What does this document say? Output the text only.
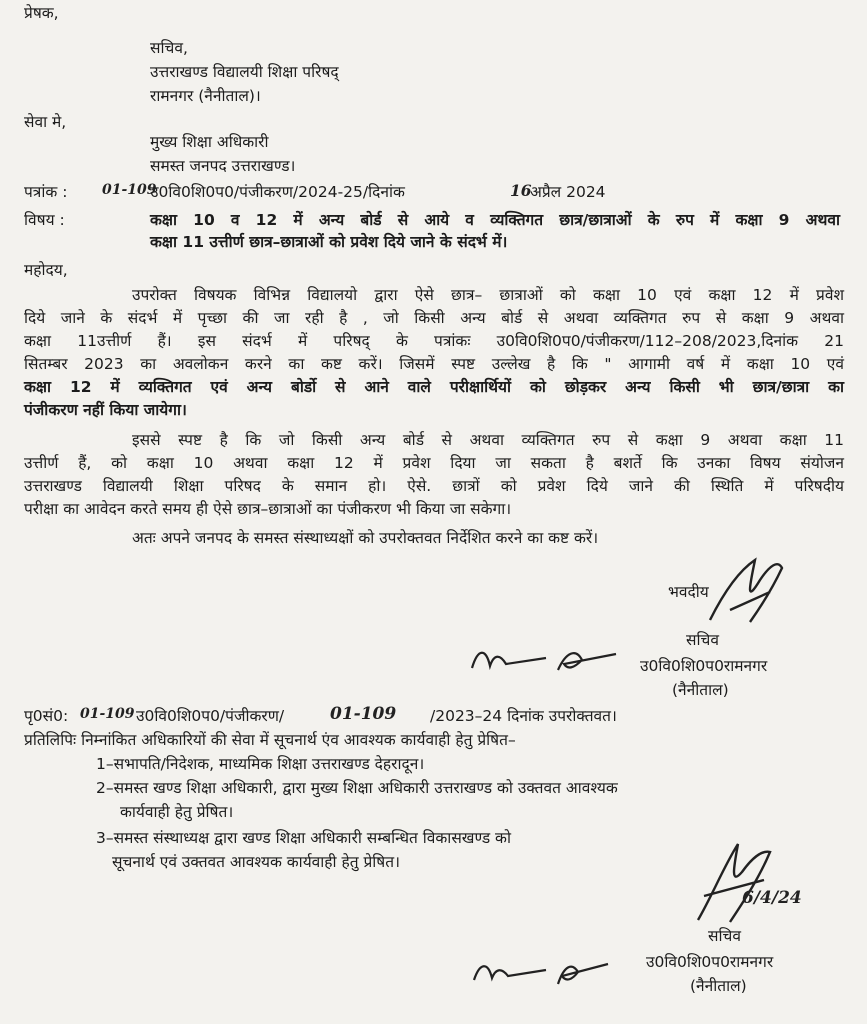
प्रेषक,
सचिव,
उत्तराखण्ड विद्यालयी शिक्षा परिषद्
रामनगर (नैनीताल)।
सेवा मे,
मुख्य शिक्षा अधिकारी
समस्त जनपद उत्तराखण्ड।
पत्रांक : 01-109
उ0वि0शि0प0/पंजीकरण/2024-25/दिनांक	16
अप्रैल 2024
विषय :	कक्षा 10 व 12 में अन्य बोर्ड से आये व व्यक्तिगत छात्र/छात्राओं के रुप में कक्षा 9 अथवा
कक्षा 11 उत्तीर्ण छात्र–छात्राओं को प्रवेश दिये जाने के संदर्भ में।
महोदय,
उपरोक्त विषयक विभिन्न विद्यालयो द्वारा ऐसे छात्र– छात्राओं को कक्षा 10 एवं कक्षा 12 में प्रवेश
दिये जाने के संदर्भ में पृच्छा की जा रही है , जो किसी अन्य बोर्ड से अथवा व्यक्तिगत रुप से कक्षा 9 अथवा
कक्षा 11उत्तीर्ण हैं। इस संदर्भ में परिषद् के पत्रांकः उ0वि0शि0प0/पंजीकरण/112–208/2023,दिनांक 21
सितम्बर 2023 का अवलोकन करने का कष्ट करें। जिसमें स्पष्ट उल्लेख है कि " आगामी वर्ष में कक्षा 10 एवं
कक्षा 12 में व्यक्तिगत एवं अन्य बोर्डो से आने वाले परीक्षार्थियों को छोड़कर अन्य किसी भी छात्र/छात्रा का
पंजीकरण नहीं किया जायेगा।
इससे स्पष्ट है कि जो किसी अन्य बोर्ड से अथवा व्यक्तिगत रुप से कक्षा 9 अथवा कक्षा 11
उत्तीर्ण हैं, को कक्षा 10 अथवा कक्षा 12 में प्रवेश दिया जा सकता है बशर्ते कि उनका विषय संयोजन
उत्तराखण्ड विद्यालयी शिक्षा परिषद के समान हो। ऐसे. छात्रों को प्रवेश दिये जाने की स्थिति में परिषदीय
परीक्षा का आवेदन करते समय ही ऐसे छात्र–छात्राओं का पंजीकरण भी किया जा सकेगा।
अतः अपने जनपद के समस्त संस्थाध्यक्षों को उपरोक्तवत निर्देशित करने का कष्ट करें।
भवदीय
सचिव
उ0वि0शि0प0रामनगर
(नैनीताल)
पृ0सं0: 01-109 उ0वि0शि0प0/पंजीकरण/	01-109 /2023–24 दिनांक उपरोक्तवत।
प्रतिलिपिः निम्नांकित अधिकारियों की सेवा में सूचनार्थ एंव आवश्यक कार्यवाही हेतु प्रेषित–
1–सभापति/निदेशक, माध्यमिक शिक्षा उत्तराखण्ड देहरादून।
2–समस्त खण्ड शिक्षा अधिकारी, द्वारा मुख्य शिक्षा अधिकारी उत्तराखण्ड को उक्तवत आवश्यक
कार्यवाही हेतु प्रेषित।
3–समस्त संस्थाध्यक्ष द्वारा खण्ड शिक्षा अधिकारी सम्बन्धित विकासखण्ड को
सूचनार्थ एवं उक्तवत आवश्यक कार्यवाही हेतु प्रेषित।
6/4/24
सचिव
उ0वि0शि0प0रामनगर
(नैनीताल)
